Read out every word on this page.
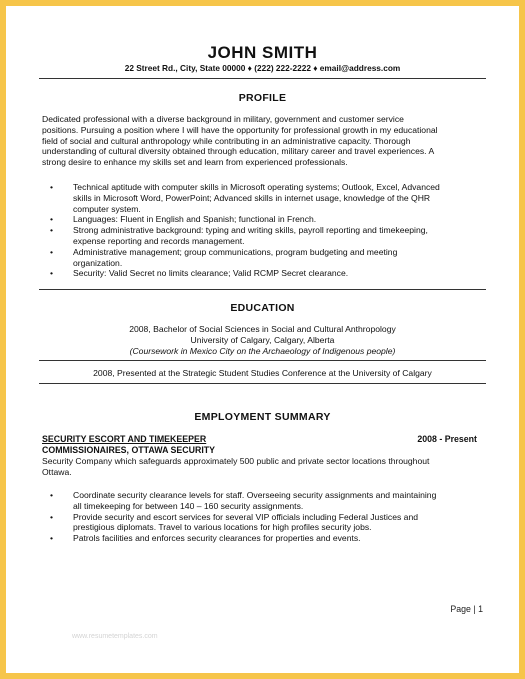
JOHN SMITH
22 Street Rd., City, State 00000 ♦ (222) 222-2222 ♦ email@address.com
PROFILE

Dedicated professional with a diverse background in military, government and customer service
positions. Pursuing a position where I will have the opportunity for professional growth in my educational
field of social and cultural anthropology while contributing in an administrative capacity. Thorough
understanding of cultural diversity obtained through education, military career and travel experiences. A
strong desire to enhance my skills set and learn from experienced professionals.

• Technical aptitude with computer skills in Microsoft operating systems; Outlook, Excel, Advanced
skills in Microsoft Word, PowerPoint; Advanced skills in internet usage, knowledge of the QHR
computer system.
• Languages: Fluent in English and Spanish; functional in French.
• Strong administrative background: typing and writing skills, payroll reporting and timekeeping,
expense reporting and records management.
• Administrative management; group communications, program budgeting and meeting
organization.
• Security: Valid Secret no limits clearance; Valid RCMP Secret clearance.
EDUCATION
2008, Bachelor of Social Sciences in Social and Cultural Anthropology
University of Calgary, Calgary, Alberta
(Coursework in Mexico City on the Archaeology of Indigenous people)
2008, Presented at the Strategic Student Studies Conference at the University of Calgary
EMPLOYMENT SUMMARY
SECURITY ESCORT AND TIMEKEEPER	2008 - Present
COMMISSIONAIRES, OTTAWA SECURITY

Security Company which safeguards approximately 500 public and private sector locations throughout
Ottawa.

• Coordinate security clearance levels for staff. Overseeing security assignments and maintaining
all timekeeping for between 140 – 160 security assignments.
• Provide security and escort services for several VIP officials including Federal Justices and
prestigious diplomats. Travel to various locations for high profiles security jobs.
• Patrols facilities and enforces security clearances for properties and events.
Page | 1
www.resumetemplates.com
